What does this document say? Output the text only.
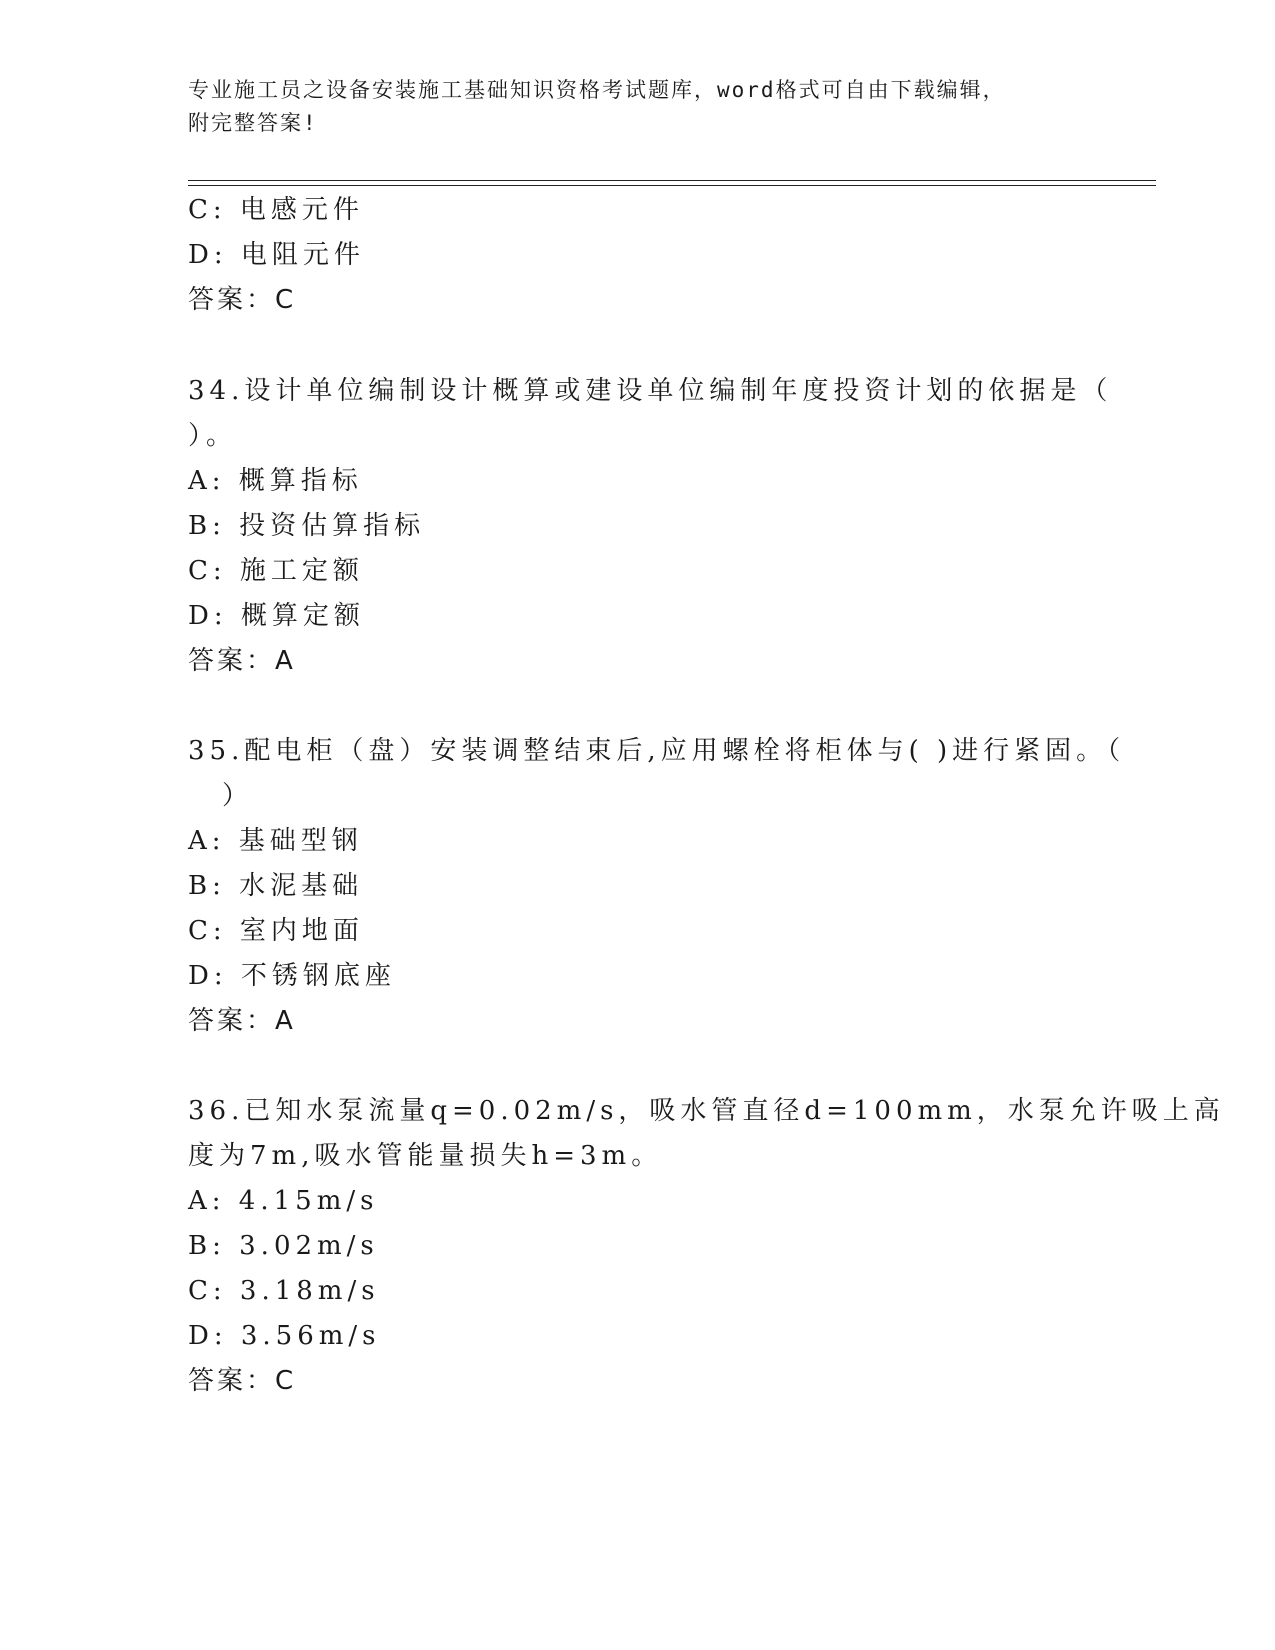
专业施工员之设备安装施工基础知识资格考试题库，word格式可自由下载编辑，
附完整答案!
C: 电感元件
D: 电阻元件
答案：C
34.设计单位编制设计概算或建设单位编制年度投资计划的依据是（
）。
A: 概算指标
B: 投资估算指标
C: 施工定额
D: 概算定额
答案：A
35.配电柜（盘）安装调整结束后,应用螺栓将柜体与( )进行紧固。（
）
A: 基础型钢
B: 水泥基础
C: 室内地面
D: 不锈钢底座
答案：A
36.已知水泵流量q=0.02m/s，吸水管直径d=100mm，水泵允许吸上高
度为7m,吸水管能量损失h=3m。
A: 4.15m/s
B: 3.02m/s
C: 3.18m/s
D: 3.56m/s
答案：C
